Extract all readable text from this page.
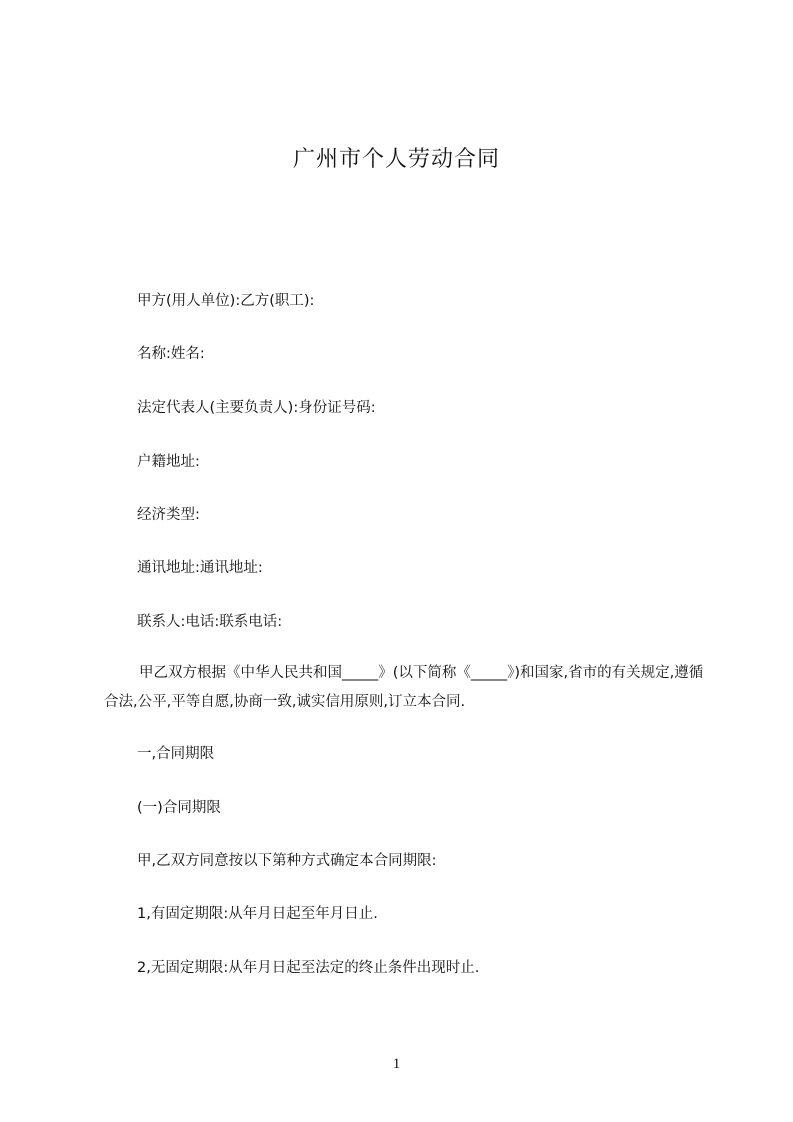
广州市个人劳动合同
甲方(用人单位):乙方(职工):
名称:姓名:
法定代表人(主要负责人):身份证号码:
户籍地址:
经济类型:
通讯地址:通讯地址:
联系人:电话:联系电话:
甲乙双方根据《中华人民共和国_____》(以下简称《_____》)和国家,省市的有关规定,遵循合法,公平,平等自愿,协商一致,诚实信用原则,订立本合同.
一,合同期限
(一)合同期限
甲,乙双方同意按以下第种方式确定本合同期限:
1,有固定期限:从年月日起至年月日止.
2,无固定期限:从年月日起至法定的终止条件出现时止.
1
